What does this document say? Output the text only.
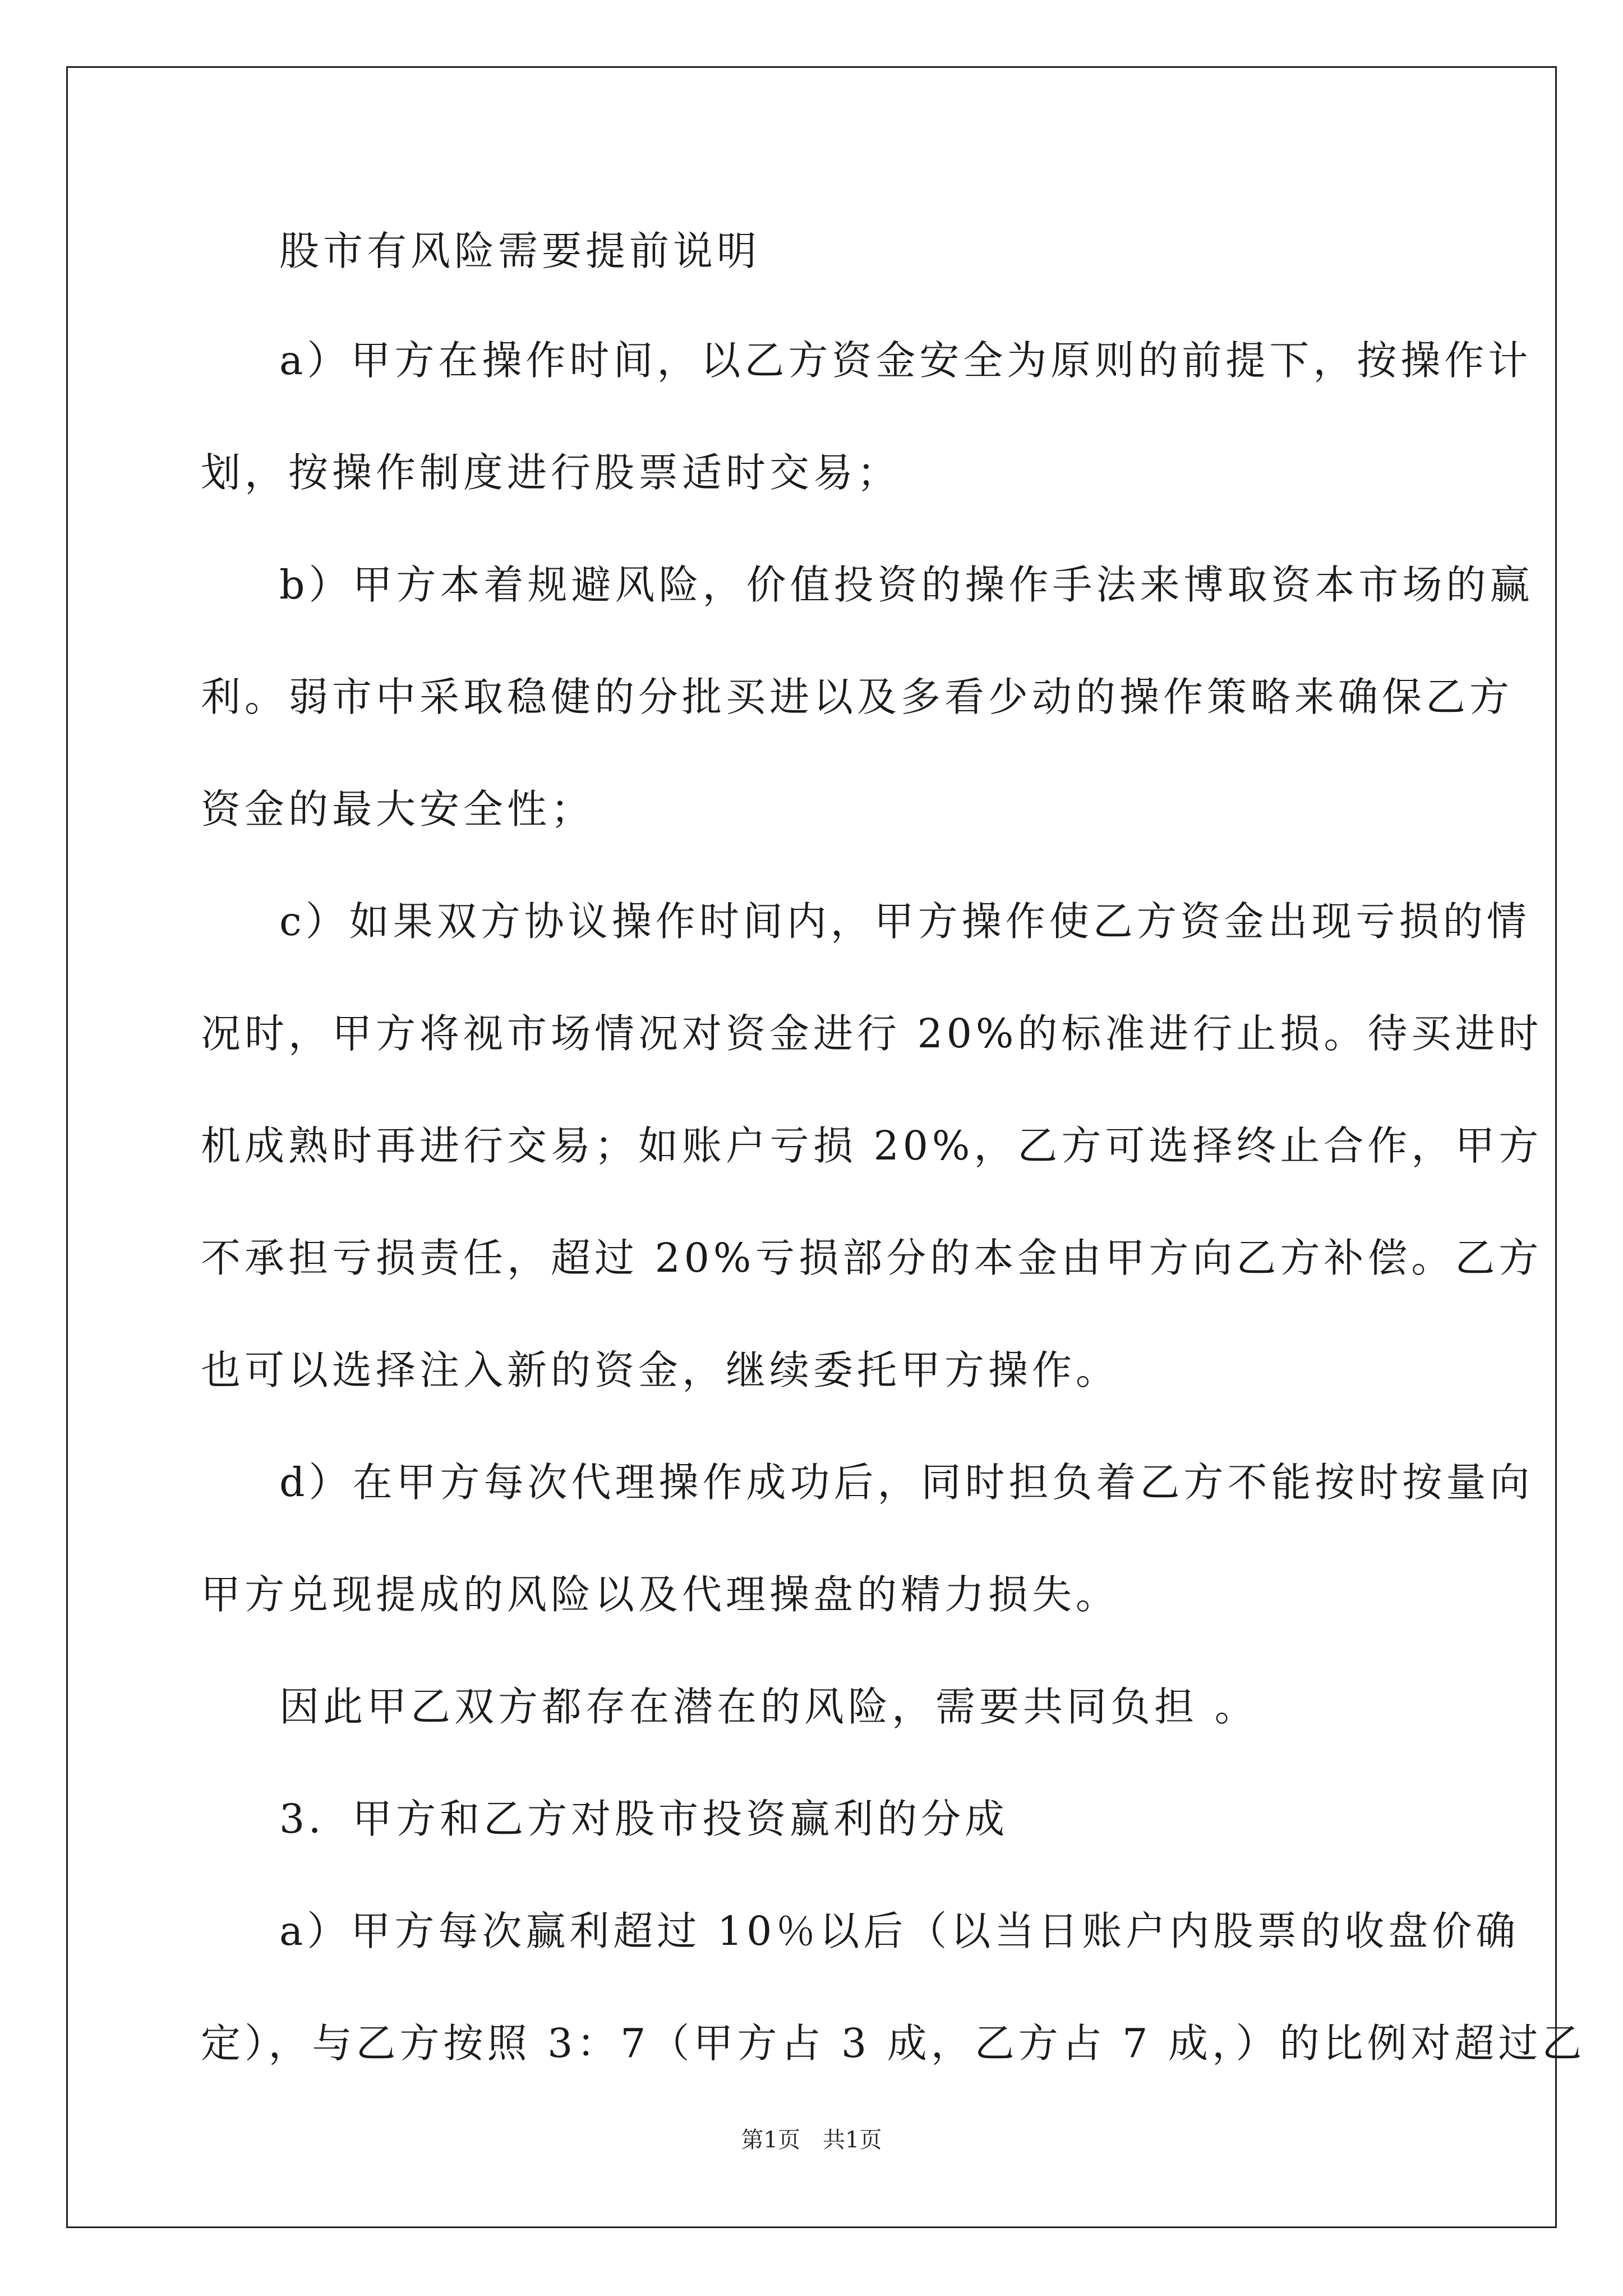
股市有风险需要提前说明
a）甲方在操作时间，以乙方资金安全为原则的前提下，按操作计
划，按操作制度进行股票适时交易；
b）甲方本着规避风险，价值投资的操作手法来博取资本市场的赢
利。弱市中采取稳健的分批买进以及多看少动的操作策略来确保乙方
资金的最大安全性；
c）如果双方协议操作时间内，甲方操作使乙方资金出现亏损的情
况时，甲方将视市场情况对资金进行 20%的标准进行止损。待买进时
机成熟时再进行交易；如账户亏损 20%，乙方可选择终止合作，甲方
不承担亏损责任，超过 20%亏损部分的本金由甲方向乙方补偿。乙方
也可以选择注入新的资金，继续委托甲方操作。
d）在甲方每次代理操作成功后，同时担负着乙方不能按时按量向
甲方兑现提成的风险以及代理操盘的精力损失。
因此甲乙双方都存在潜在的风险，需要共同负担 。
3．甲方和乙方对股市投资赢利的分成
a）甲方每次赢利超过 10％以后（以当日账户内股票的收盘价确
定），与乙方按照 3：7（甲方占 3 成，乙方占 7 成，）的比例对超过乙
第1页　共1页
